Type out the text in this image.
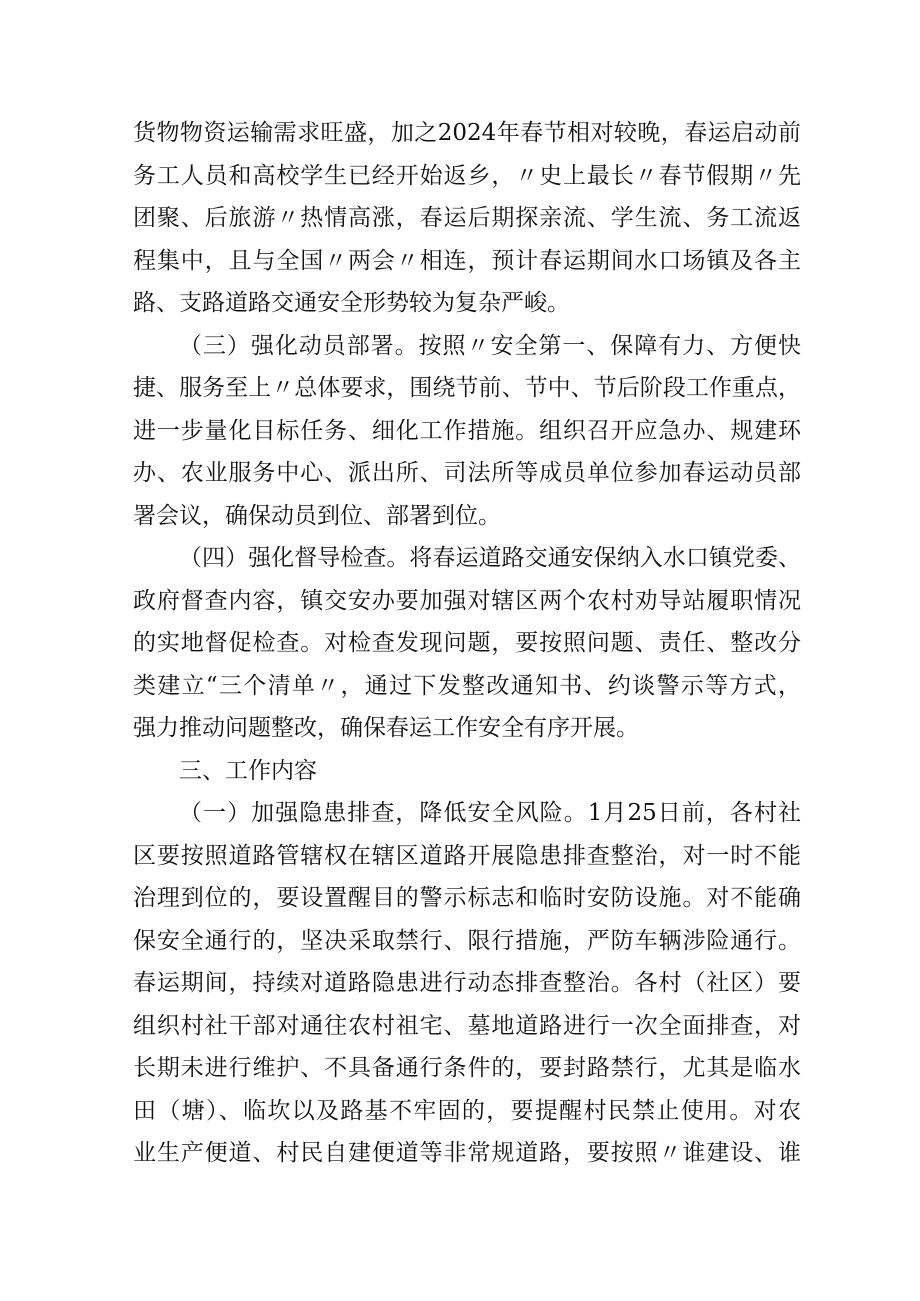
货物物资运输需求旺盛，加之2024年春节相对较晚，春运启动前
务工人员和高校学生已经开始返乡，〃史上最长〃春节假期〃先
团聚、后旅游〃热情高涨，春运后期探亲流、学生流、务工流返
程集中，且与全国〃两会〃相连，预计春运期间水口场镇及各主
路、支路道路交通安全形势较为复杂严峻。
（三）强化动员部署。按照〃安全第一、保障有力、方便快
捷、服务至上〃总体要求，围绕节前、节中、节后阶段工作重点，
进一步量化目标任务、细化工作措施。组织召开应急办、规建环
办、农业服务中心、派出所、司法所等成员单位参加春运动员部
署会议，确保动员到位、部署到位。
（四）强化督导检查。将春运道路交通安保纳入水口镇党委、
政府督查内容，镇交安办要加强对辖区两个农村劝导站履职情况
的实地督促检查。对检查发现问题，要按照问题、责任、整改分
类建立“三个清单〃，通过下发整改通知书、约谈警示等方式，
强力推动问题整改，确保春运工作安全有序开展。
三、工作内容
（一）加强隐患排查，降低安全风险。1月25日前，各村社
区要按照道路管辖权在辖区道路开展隐患排查整治，对一时不能
治理到位的，要设置醒目的警示标志和临时安防设施。对不能确
保安全通行的，坚决采取禁行、限行措施，严防车辆涉险通行。
春运期间，持续对道路隐患进行动态排查整治。各村（社区）要
组织村社干部对通往农村祖宅、墓地道路进行一次全面排查，对
长期未进行维护、不具备通行条件的，要封路禁行，尤其是临水
田（塘）、临坎以及路基不牢固的，要提醒村民禁止使用。对农
业生产便道、村民自建便道等非常规道路，要按照〃谁建设、谁
